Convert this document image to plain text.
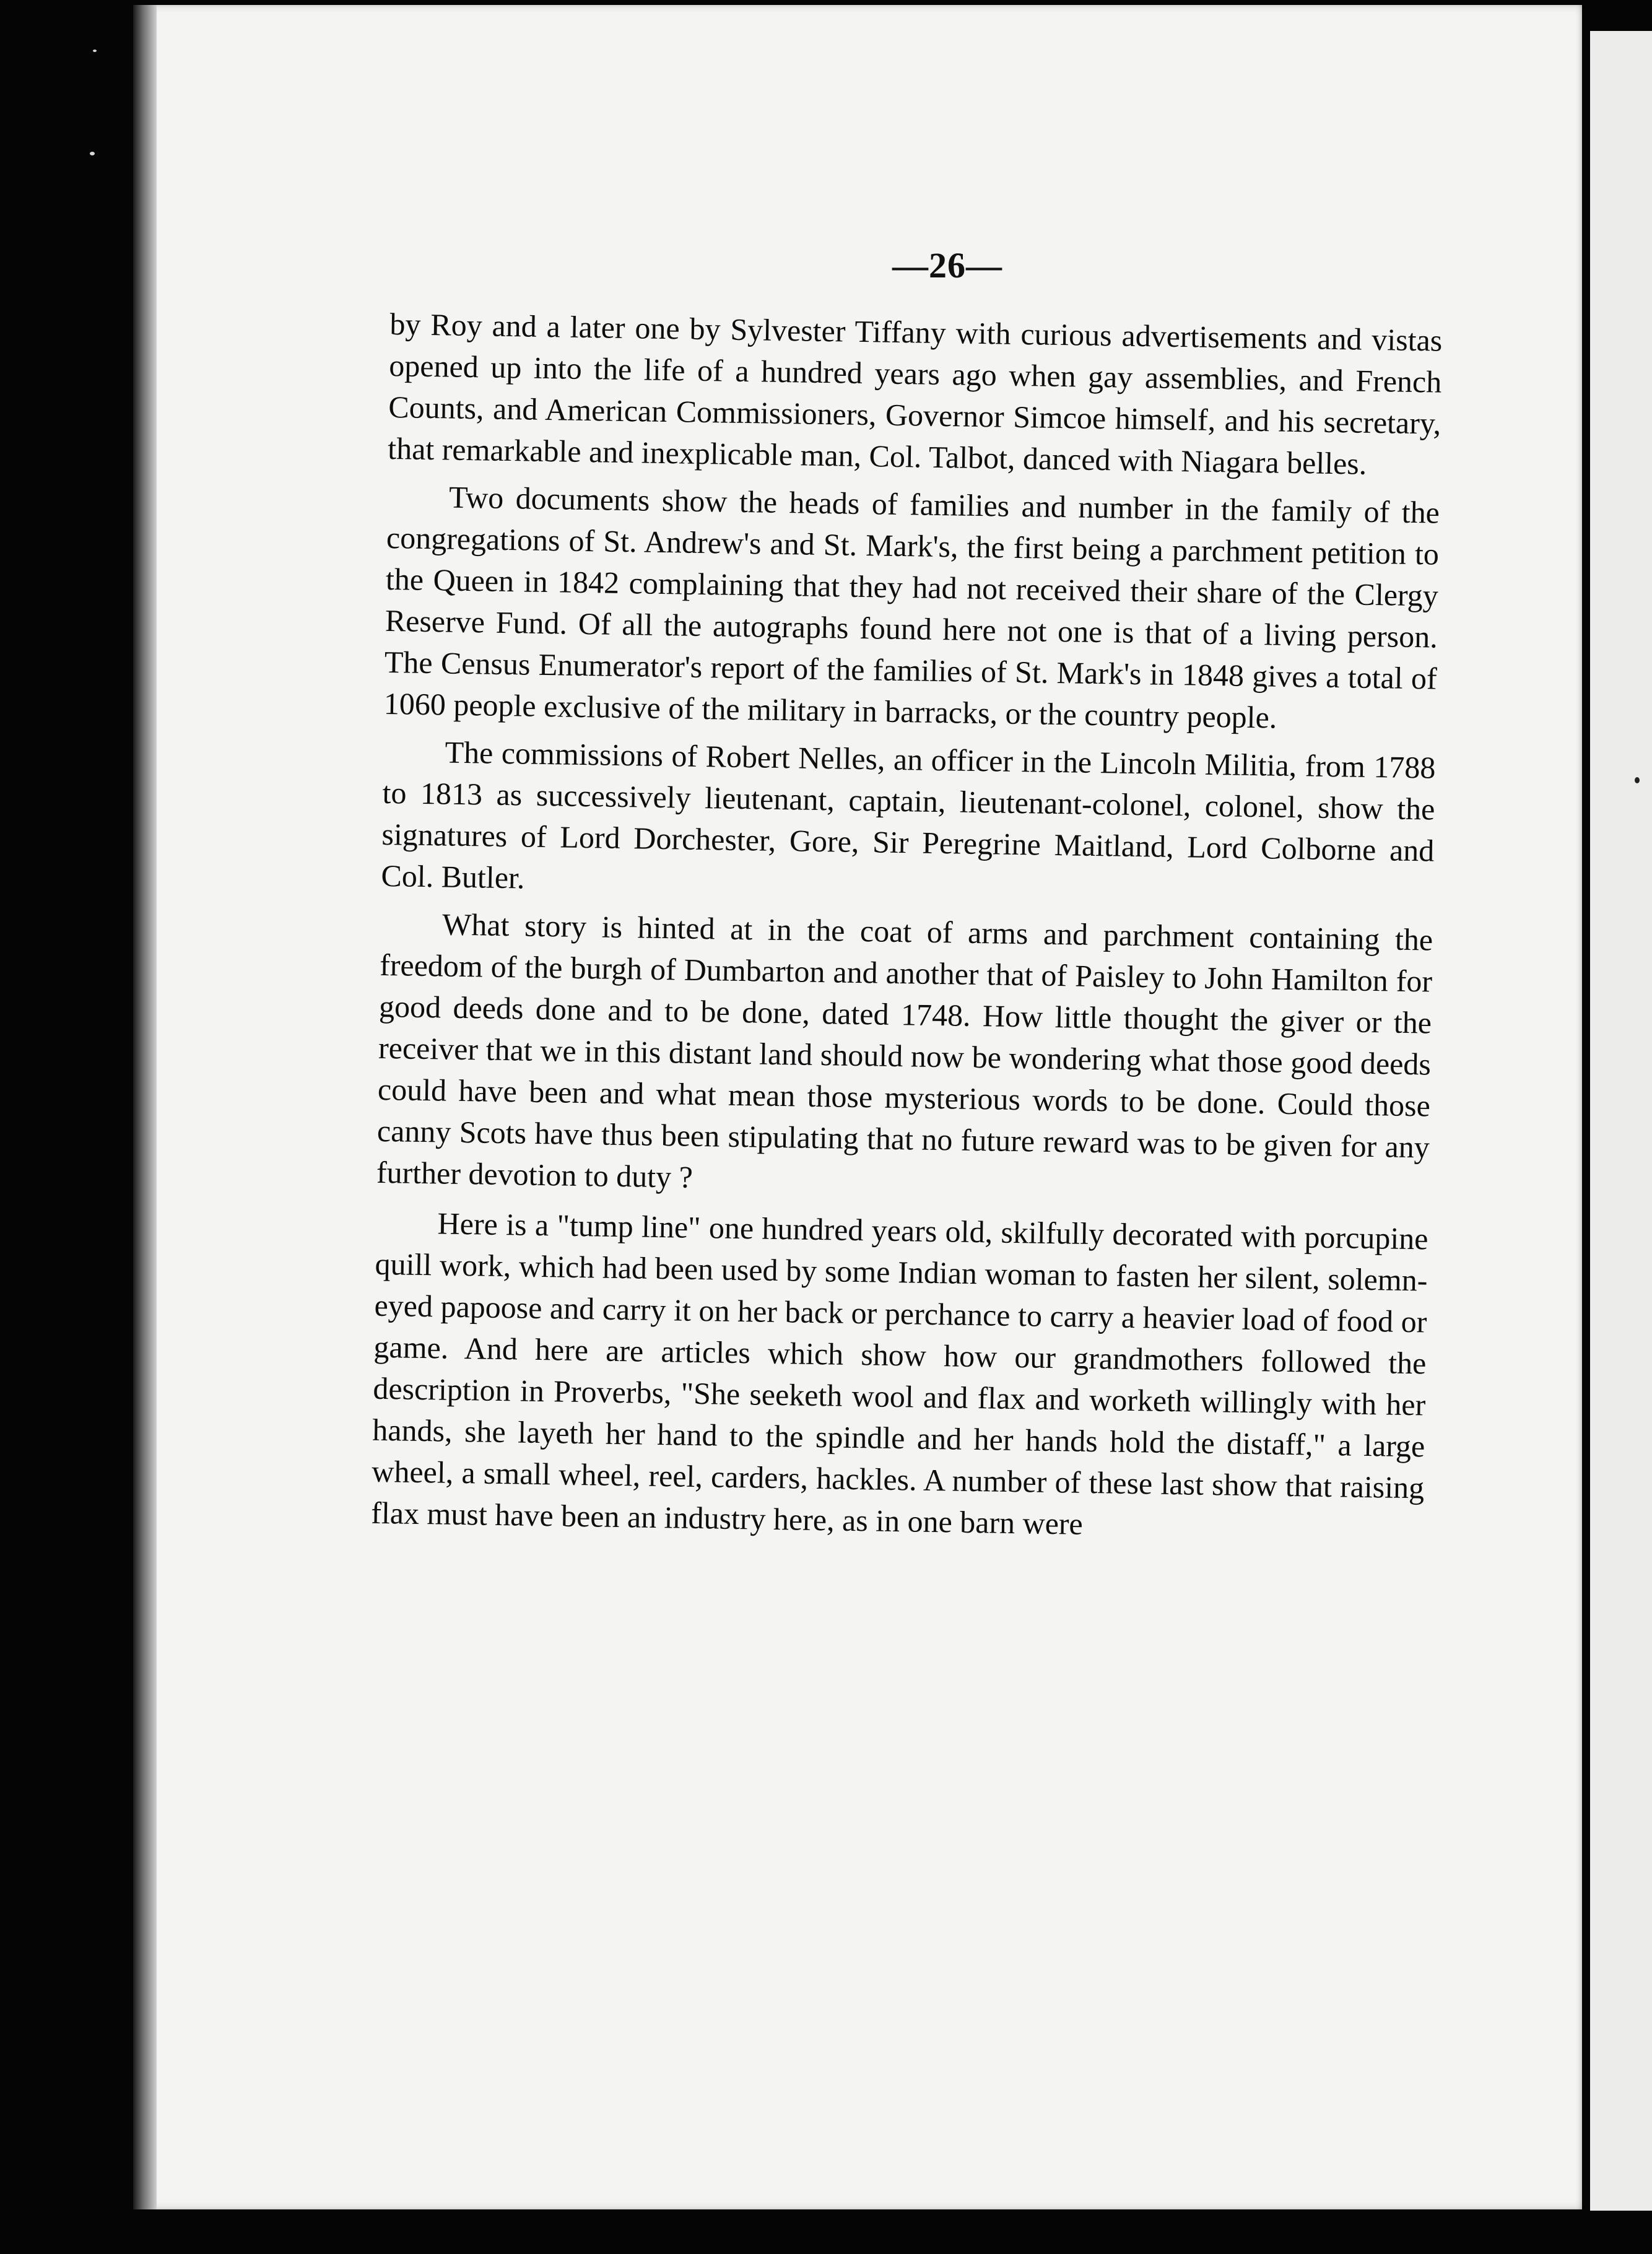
—26—

by Roy and a later one by Sylvester Tiffany with curious advertisements and vistas opened up into the life of a hundred years ago when gay assemblies, and French Counts, and American Commissioners, Governor Simcoe himself, and his secretary, that remarkable and inexplicable man, Col. Talbot, danced with Niagara belles.

Two documents show the heads of families and number in the family of the congregations of St. Andrew's and St. Mark's, the first being a parchment petition to the Queen in 1842 complaining that they had not received their share of the Clergy Reserve Fund. Of all the autographs found here not one is that of a living person. The Census Enumerator's report of the families of St. Mark's in 1848 gives a total of 1060 people exclusive of the military in barracks, or the country people.

The commissions of Robert Nelles, an officer in the Lincoln Militia, from 1788 to 1813 as successively lieutenant, captain, lieutenant-colonel, colonel, show the signatures of Lord Dorchester, Gore, Sir Peregrine Maitland, Lord Colborne and Col. Butler.

What story is hinted at in the coat of arms and parchment containing the freedom of the burgh of Dumbarton and another that of Paisley to John Hamilton for good deeds done and to be done, dated 1748. How little thought the giver or the receiver that we in this distant land should now be wondering what those good deeds could have been and what mean those mysterious words to be done. Could those canny Scots have thus been stipulating that no future reward was to be given for any further devotion to duty ?

Here is a "tump line" one hundred years old, skilfully decorated with porcupine quill work, which had been used by some Indian woman to fasten her silent, solemn-eyed papoose and carry it on her back or perchance to carry a heavier load of food or game. And here are articles which show how our grandmothers followed the description in Proverbs, "She seeketh wool and flax and worketh willingly with her hands, she layeth her hand to the spindle and her hands hold the distaff," a large wheel, a small wheel, reel, carders, hackles. A number of these last show that raising flax must have been an industry here, as in one barn were
